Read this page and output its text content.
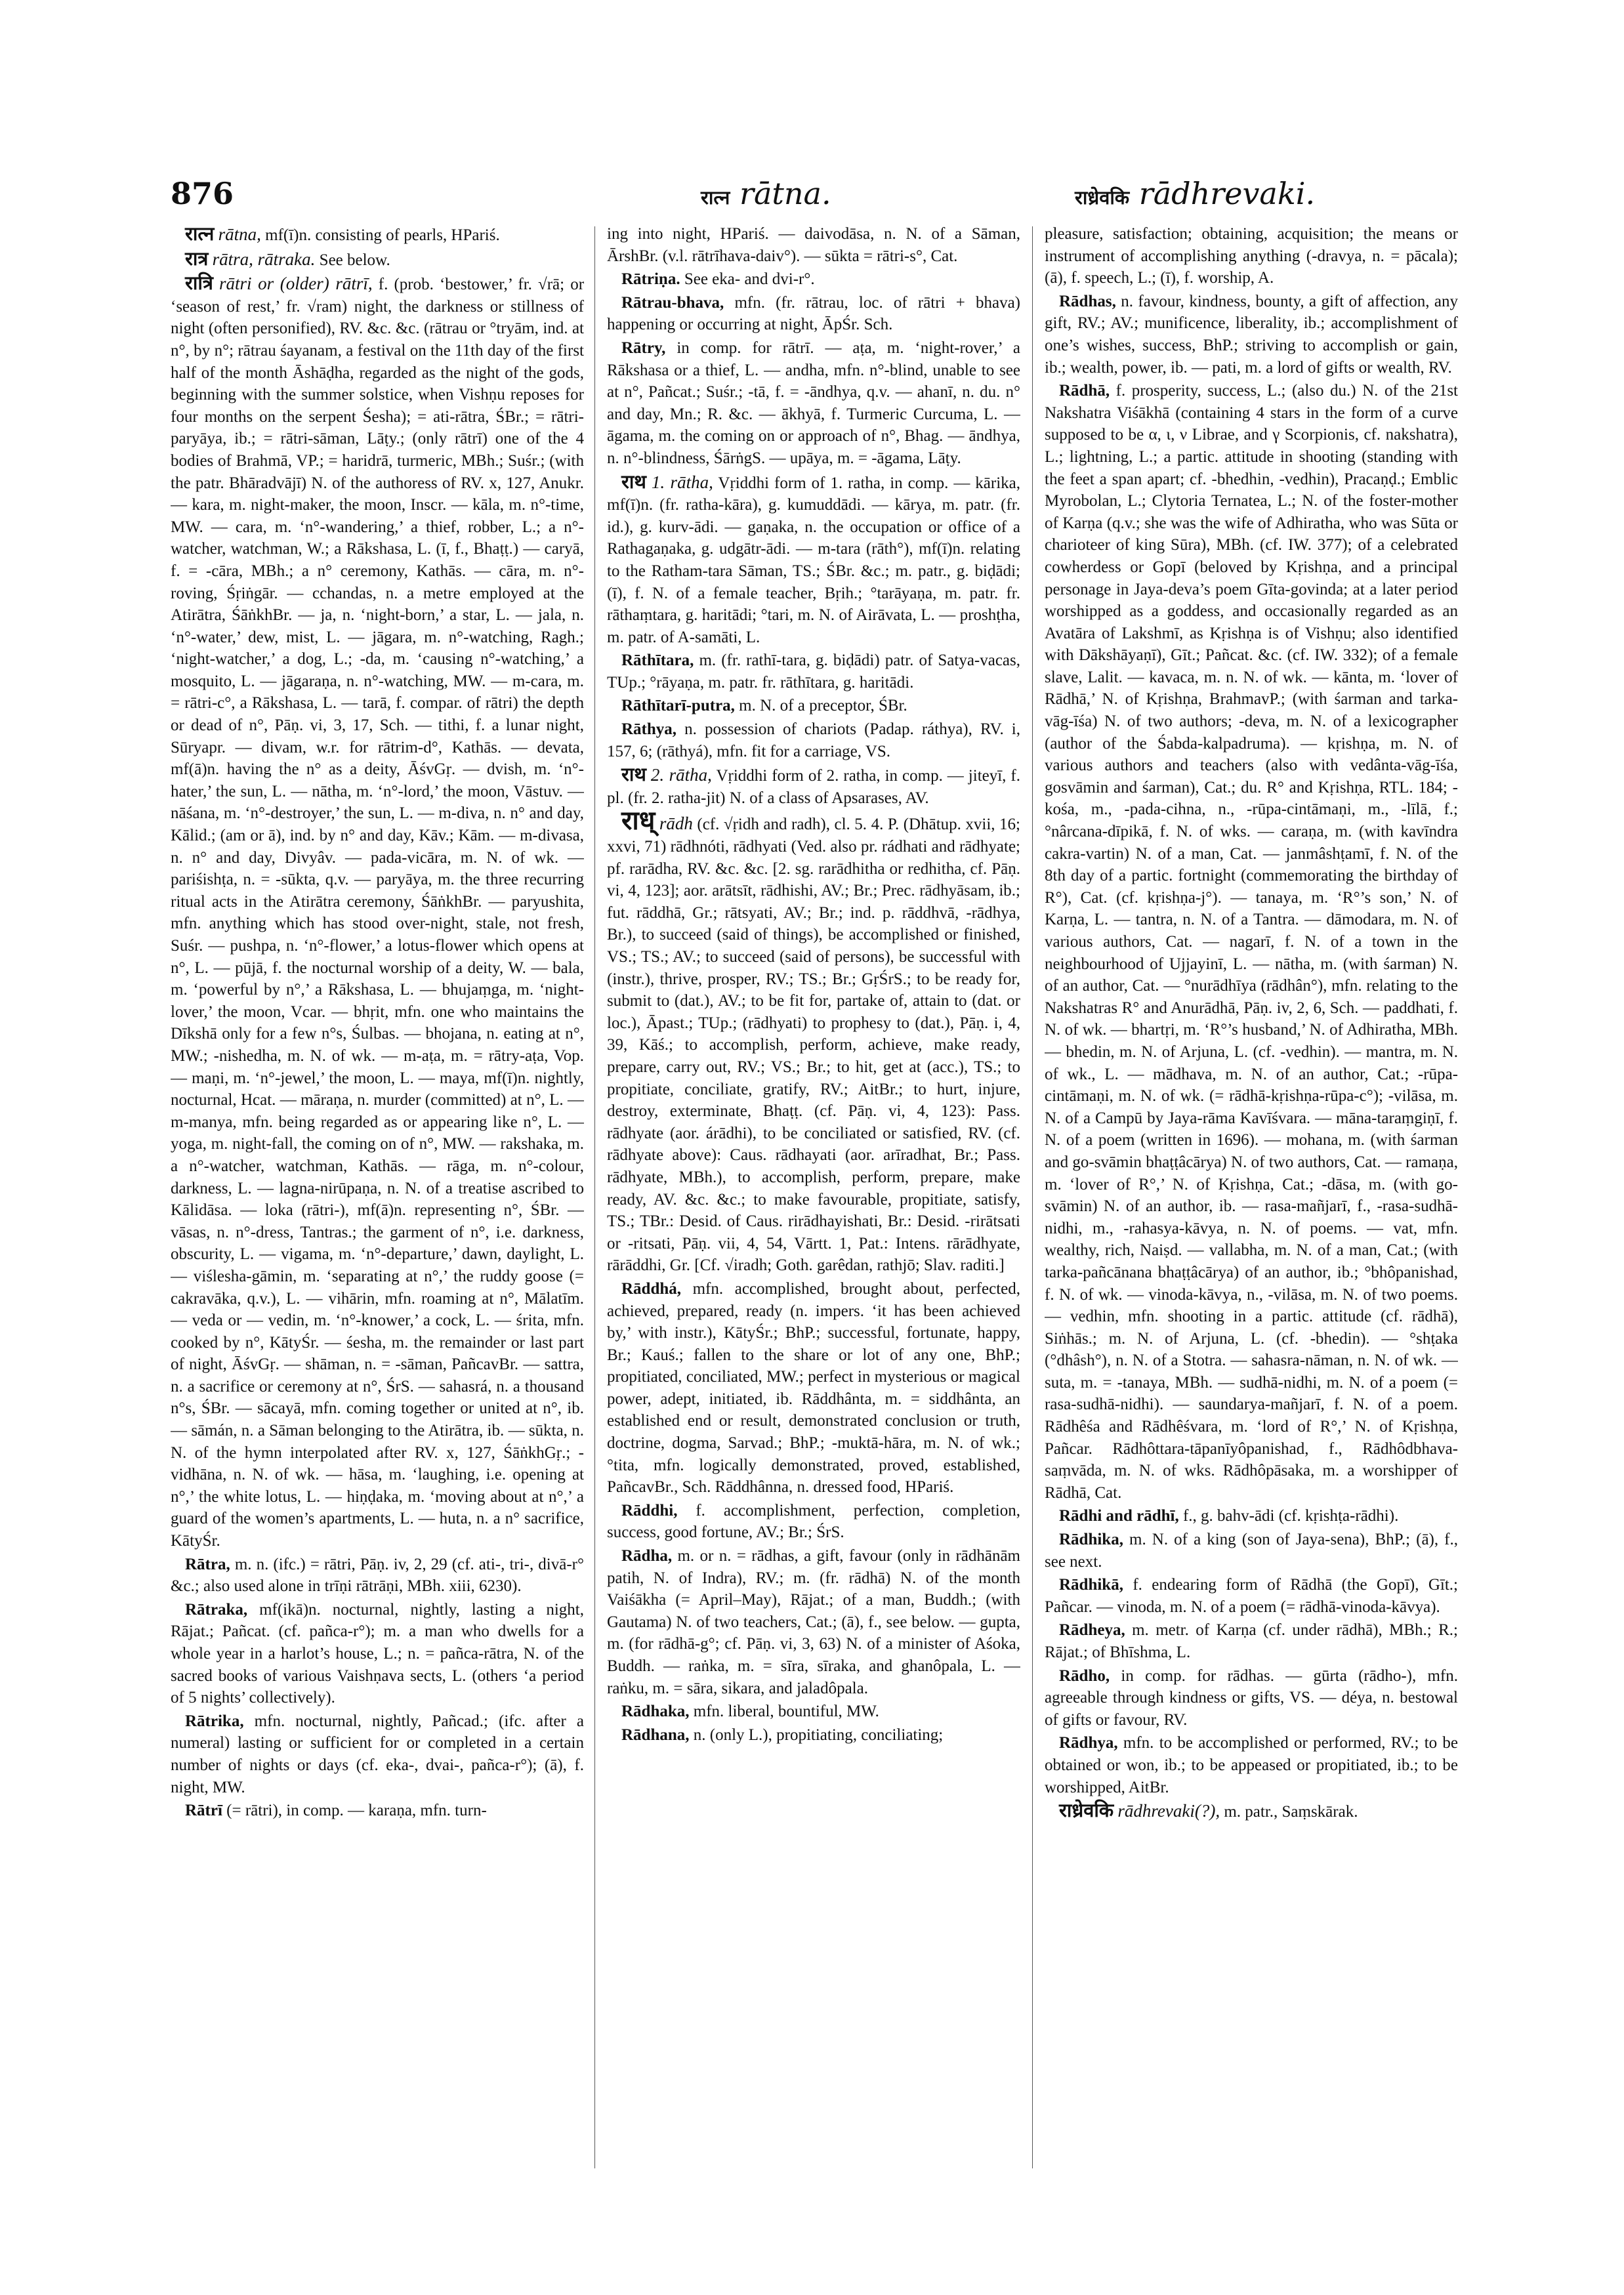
876	रात्न rātna.	राध्रेवकि rādhrevaki.

रात्न rātna, mf(ī)n. consisting of pearls, HPariś.

रात्र rātra, rātraka. See below.

रात्रि rātri or (older) rātrī, f. (prob. ‘bestower,’ fr. √rā; or ‘season of rest,’ fr. √ram) night, the darkness or stillness of night (often personified), RV. &c. &c. (rātrau or °tryām, ind. at n°, by n°; rātrau śayanam, a festival on the 11th day of the first half of the month Āshāḍha, regarded as the night of the gods, beginning with the summer solstice, when Vishṇu reposes for four months on the serpent Śesha); = ati-rātra, ŚBr.; = rātri-paryāya, ib.; = rātri-sāman, Lāṭy.; (only rātrī) one of the 4 bodies of Brahmā, VP.; = haridrā, turmeric, MBh.; Suśr.; (with the patr. Bhāradvājī) N. of the authoress of RV. x, 127, Anukr. — kara, m. night-maker, the moon, Inscr. — kāla, m. n°-time, MW. — cara, m. ‘n°-wandering,’ a thief, robber, L.; a n°-watcher, watchman, W.; a Rākshasa, L. (ī, f., Bhaṭṭ.) — caryā, f. = -cāra, MBh.; a n° ceremony, Kathās. — cāra, m. n°-roving, Śṛiṅgār. — cchandas, n. a metre employed at the Atirātra, ŚāṅkhBr. — ja, n. ‘night-born,’ a star, L. — jala, n. ‘n°-water,’ dew, mist, L. — jāgara, m. n°-watching, Ragh.; ‘night-watcher,’ a dog, L.; -da, m. ‘causing n°-watching,’ a mosquito, L. — jāgaraṇa, n. n°-watching, MW. — m-cara, m. = rātri-c°, a Rākshasa, L. — tarā, f. compar. of rātri) the depth or dead of n°, Pāṇ. vi, 3, 17, Sch. — tithi, f. a lunar night, Sūryapr. — divam, w.r. for rātrim-d°, Kathās. — devata, mf(ā)n. having the n° as a deity, ĀśvGṛ. — dvish, m. ‘n°-hater,’ the sun, L. — nātha, m. ‘n°-lord,’ the moon, Vāstuv. — nāśana, m. ‘n°-destroyer,’ the sun, L. — m-diva, n. n° and day, Kālid.; (am or ā), ind. by n° and day, Kāv.; Kām. — m-divasa, n. n° and day, Divyâv. — pada-vicāra, m. N. of wk. — pariśishṭa, n. = -sūkta, q.v. — paryāya, m. the three recurring ritual acts in the Atirātra ceremony, ŚāṅkhBr. — paryushita, mfn. anything which has stood over-night, stale, not fresh, Suśr. — pushpa, n. ‘n°-flower,’ a lotus-flower which opens at n°, L. — pūjā, f. the nocturnal worship of a deity, W. — bala, m. ‘powerful by n°,’ a Rākshasa, L. — bhujaṃga, m. ‘night-lover,’ the moon, Vcar. — bhṛit, mfn. one who maintains the Dīkshā only for a few n°s, Śulbas. — bhojana, n. eating at n°, MW.; -nishedha, m. N. of wk. — m-aṭa, m. = rātry-aṭa, Vop. — maṇi, m. ‘n°-jewel,’ the moon, L. — maya, mf(ī)n. nightly, nocturnal, Hcat. — māraṇa, n. murder (committed) at n°, L. — m-manya, mfn. being regarded as or appearing like n°, L. — yoga, m. night-fall, the coming on of n°, MW. — rakshaka, m. a n°-watcher, watchman, Kathās. — rāga, m. n°-colour, darkness, L. — lagna-nirūpaṇa, n. N. of a treatise ascribed to Kālidāsa. — loka (rātri-), mf(ā)n. representing n°, ŚBr. — vāsas, n. n°-dress, Tantras.; the garment of n°, i.e. darkness, obscurity, L. — vigama, m. ‘n°-departure,’ dawn, daylight, L. — viślesha-gāmin, m. ‘separating at n°,’ the ruddy goose (= cakravāka, q.v.), L. — vihārin, mfn. roaming at n°, Mālatīm. — veda or — vedin, m. ‘n°-knower,’ a cock, L. — śrita, mfn. cooked by n°, KātyŚr. — śesha, m. the remainder or last part of night, ĀśvGṛ. — shāman, n. = -sāman, PañcavBr. — sattra, n. a sacrifice or ceremony at n°, ŚrS. — sahasrá, n. a thousand n°s, ŚBr. — sācayā, mfn. coming together or united at n°, ib. — sāmán, n. a Sāman belonging to the Atirātra, ib. — sūkta, n. N. of the hymn interpolated after RV. x, 127, ŚāṅkhGṛ.; -vidhāna, n. N. of wk. — hāsa, m. ‘laughing, i.e. opening at n°,’ the white lotus, L. — hiṇḍaka, m. ‘moving about at n°,’ a guard of the women’s apartments, L. — huta, n. a n° sacrifice, KātyŚr.

Rātra, m. n. (ifc.) = rātri, Pāṇ. iv, 2, 29 (cf. ati-, tri-, divā-r° &c.; also used alone in trīṇi rātrāṇi, MBh. xiii, 6230).

Rātraka, mf(ikā)n. nocturnal, nightly, lasting a night, Rājat.; Pañcat. (cf. pañca-r°); m. a man who dwells for a whole year in a harlot’s house, L.; n. = pañca-rātra, N. of the sacred books of various Vaishṇava sects, L. (others ‘a period of 5 nights’ collectively).

Rātrika, mfn. nocturnal, nightly, Pañcad.; (ifc. after a numeral) lasting or sufficient for or completed in a certain number of nights or days (cf. eka-, dvai-, pañca-r°); (ā), f. night, MW.

Rātrī (= rātri), in comp. — karaṇa, mfn. turn-

ing into night, HPariś. — daivodāsa, n. N. of a Sāman, ĀrshBr. (v.l. rātrīhava-daiv°). — sūkta = rātri-s°, Cat.

Rātriṇa. See eka- and dvi-r°.

Rātrau-bhava, mfn. (fr. rātrau, loc. of rātri + bhava) happening or occurring at night, ĀpŚr. Sch.

Rātry, in comp. for rātrī. — aṭa, m. ‘night-rover,’ a Rākshasa or a thief, L. — andha, mfn. n°-blind, unable to see at n°, Pañcat.; Suśr.; -tā, f. = -āndhya, q.v. — ahanī, n. du. n° and day, Mn.; R. &c. — ākhyā, f. Turmeric Curcuma, L. — āgama, m. the coming on or approach of n°, Bhag. — āndhya, n. n°-blindness, ŚārṅgS. — upāya, m. = -āgama, Lāṭy.

राथ 1. rātha, Vṛiddhi form of 1. ratha, in comp. — kārika, mf(ī)n. (fr. ratha-kāra), g. kumuddādi. — kārya, m. patr. (fr. id.), g. kurv-ādi. — gaṇaka, n. the occupation or office of a Rathagaṇaka, g. udgātr-ādi. — m-tara (rāth°), mf(ī)n. relating to the Ratham-tara Sāman, TS.; ŚBr. &c.; m. patr., g. biḍādi; (ī), f. N. of a female teacher, Bṛih.; °tarāyaṇa, m. patr. fr. rāthaṃtara, g. haritādi; °tari, m. N. of Airāvata, L. — proshṭha, m. patr. of A-samāti, L.

Rāthītara, m. (fr. rathī-tara, g. biḍādi) patr. of Satya-vacas, TUp.; °rāyaṇa, m. patr. fr. rāthītara, g. haritādi.

Rāthītarī-putra, m. N. of a preceptor, ŚBr.

Rāthya, n. possession of chariots (Padap. ráthya), RV. i, 157, 6; (rāthyá), mfn. fit for a carriage, VS.

राथ 2. rātha, Vṛiddhi form of 2. ratha, in comp. — jiteyī, f. pl. (fr. 2. ratha-jit) N. of a class of Apsarases, AV.

राध् rādh (cf. √ṛidh and radh), cl. 5. 4. P. (Dhātup. xvii, 16; xxvi, 71) rādhnóti, rādhyati (Ved. also pr. rádhati and rādhyate; pf. rarādha, RV. &c. &c. [2. sg. rarādhitha or redhitha, cf. Pāṇ. vi, 4, 123]; aor. arātsīt, rādhishi, AV.; Br.; Prec. rādhyāsam, ib.; fut. rāddhā, Gr.; rātsyati, AV.; Br.; ind. p. rāddhvā, -rādhya, Br.), to succeed (said of things), be accomplished or finished, VS.; TS.; AV.; to succeed (said of persons), be successful with (instr.), thrive, prosper, RV.; TS.; Br.; GṛŚrS.; to be ready for, submit to (dat.), AV.; to be fit for, partake of, attain to (dat. or loc.), Āpast.; TUp.; (rādhyati) to prophesy to (dat.), Pāṇ. i, 4, 39, Kāś.; to accomplish, perform, achieve, make ready, prepare, carry out, RV.; VS.; Br.; to hit, get at (acc.), TS.; to propitiate, conciliate, gratify, RV.; AitBr.; to hurt, injure, destroy, exterminate, Bhaṭṭ. (cf. Pāṇ. vi, 4, 123): Pass. rādhyate (aor. árādhi), to be conciliated or satisfied, RV. (cf. rādhyate above): Caus. rādhayati (aor. arīradhat, Br.; Pass. rādhyate, MBh.), to accomplish, perform, prepare, make ready, AV. &c. &c.; to make favourable, propitiate, satisfy, TS.; TBr.: Desid. of Caus. rirādhayishati, Br.: Desid. -rirātsati or -ritsati, Pāṇ. vii, 4, 54, Vārtt. 1, Pat.: Intens. rārādhyate, rārāddhi, Gr. [Cf. √iradh; Goth. garêdan, rathjō; Slav. raditi.]

Rāddhá, mfn. accomplished, brought about, perfected, achieved, prepared, ready (n. impers. ‘it has been achieved by,’ with instr.), KātyŚr.; BhP.; successful, fortunate, happy, Br.; Kauś.; fallen to the share or lot of any one, BhP.; propitiated, conciliated, MW.; perfect in mysterious or magical power, adept, initiated, ib. Rāddhânta, m. = siddhânta, an established end or result, demonstrated conclusion or truth, doctrine, dogma, Sarvad.; BhP.; -muktā-hāra, m. N. of wk.; °tita, mfn. logically demonstrated, proved, established, PañcavBr., Sch. Rāddhânna, n. dressed food, HPariś.

Rāddhi, f. accomplishment, perfection, completion, success, good fortune, AV.; Br.; ŚrS.

Rādha, m. or n. = rādhas, a gift, favour (only in rādhānām patih, N. of Indra), RV.; m. (fr. rādhā) N. of the month Vaiśākha (= April–May), Rājat.; of a man, Buddh.; (with Gautama) N. of two teachers, Cat.; (ā), f., see below. — gupta, m. (for rādhā-g°; cf. Pāṇ. vi, 3, 63) N. of a minister of Aśoka, Buddh. — raṅka, m. = sīra, sīraka, and ghanôpala, L. — raṅku, m. = sāra, sikara, and jaladôpala.

Rādhaka, mfn. liberal, bountiful, MW.

Rādhana, n. (only L.), propitiating, conciliating;

pleasure, satisfaction; obtaining, acquisition; the means or instrument of accomplishing anything (-dravya, n. = pācala); (ā), f. speech, L.; (ī), f. worship, A.

Rādhas, n. favour, kindness, bounty, a gift of affection, any gift, RV.; AV.; munificence, liberality, ib.; accomplishment of one’s wishes, success, BhP.; striving to accomplish or gain, ib.; wealth, power, ib. — pati, m. a lord of gifts or wealth, RV.

Rādhā, f. prosperity, success, L.; (also du.) N. of the 21st Nakshatra Viśākhā (containing 4 stars in the form of a curve supposed to be α, ι, ν Librae, and γ Scorpionis, cf. nakshatra), L.; lightning, L.; a partic. attitude in shooting (standing with the feet a span apart; cf. -bhedhin, -vedhin), Pracaṇḍ.; Emblic Myrobolan, L.; Clytoria Ternatea, L.; N. of the foster-mother of Karṇa (q.v.; she was the wife of Adhiratha, who was Sūta or charioteer of king Sūra), MBh. (cf. IW. 377); of a celebrated cowherdess or Gopī (beloved by Kṛishṇa, and a principal personage in Jaya-deva’s poem Gīta-govinda; at a later period worshipped as a goddess, and occasionally regarded as an Avatāra of Lakshmī, as Kṛishṇa is of Vishṇu; also identified with Dākshāyaṇī), Gīt.; Pañcat. &c. (cf. IW. 332); of a female slave, Lalit. — kavaca, m. n. N. of wk. — kānta, m. ‘lover of Rādhā,’ N. of Kṛishṇa, BrahmavP.; (with śarman and tarka-vāg-īśa) N. of two authors; -deva, m. N. of a lexicographer (author of the Śabda-kalpadruma). — kṛishṇa, m. N. of various authors and teachers (also with vedânta-vāg-īśa, gosvāmin and śarman), Cat.; du. R° and Kṛishṇa, RTL. 184; -kośa, m., -pada-cihna, n., -rūpa-cintāmaṇi, m., -līlā, f.; °nârcana-dīpikā, f. N. of wks. — caraṇa, m. (with kavīndra cakra-vartin) N. of a man, Cat. — janmâshṭamī, f. N. of the 8th day of a partic. fortnight (commemorating the birthday of R°), Cat. (cf. kṛishṇa-j°). — tanaya, m. ‘R°’s son,’ N. of Karṇa, L. — tantra, n. N. of a Tantra. — dāmodara, m. N. of various authors, Cat. — nagarī, f. N. of a town in the neighbourhood of Ujjayinī, L. — nātha, m. (with śarman) N. of an author, Cat. — °nurādhīya (rādhân°), mfn. relating to the Nakshatras R° and Anurādhā, Pāṇ. iv, 2, 6, Sch. — paddhati, f. N. of wk. — bhartṛi, m. ‘R°’s husband,’ N. of Adhiratha, MBh. — bhedin, m. N. of Arjuna, L. (cf. -vedhin). — mantra, m. N. of wk., L. — mādhava, m. N. of an author, Cat.; -rūpa-cintāmaṇi, m. N. of wk. (= rādhā-kṛishṇa-rūpa-c°); -vilāsa, m. N. of a Campū by Jaya-rāma Kavīśvara. — māna-taraṃgiṇī, f. N. of a poem (written in 1696). — mohana, m. (with śarman and go-svāmin bhaṭṭâcārya) N. of two authors, Cat. — ramaṇa, m. ‘lover of R°,’ N. of Kṛishṇa, Cat.; -dāsa, m. (with go-svāmin) N. of an author, ib. — rasa-mañjarī, f., -rasa-sudhā-nidhi, m., -rahasya-kāvya, n. N. of poems. — vat, mfn. wealthy, rich, Naiṣd. — vallabha, m. N. of a man, Cat.; (with tarka-pañcānana bhaṭṭâcārya) of an author, ib.; °bhôpanishad, f. N. of wk. — vinoda-kāvya, n., -vilāsa, m. N. of two poems. — vedhin, mfn. shooting in a partic. attitude (cf. rādhā), Siṅhās.; m. N. of Arjuna, L. (cf. -bhedin). — °shṭaka (°dhâsh°), n. N. of a Stotra. — sahasra-nāman, n. N. of wk. — suta, m. = -tanaya, MBh. — sudhā-nidhi, m. N. of a poem (= rasa-sudhā-nidhi). — saundarya-mañjarī, f. N. of a poem. Rādhêśa and Rādhêśvara, m. ‘lord of R°,’ N. of Kṛishṇa, Pañcar. Rādhôttara-tāpanīyôpanishad, f., Rādhôdbhava-saṃvāda, m. N. of wks. Rādhôpāsaka, m. a worshipper of Rādhā, Cat.

Rādhi and rādhī, f., g. bahv-ādi (cf. kṛishṭa-rādhi).

Rādhika, m. N. of a king (son of Jaya-sena), BhP.; (ā), f., see next.

Rādhikā, f. endearing form of Rādhā (the Gopī), Gīt.; Pañcar. — vinoda, m. N. of a poem (= rādhā-vinoda-kāvya).

Rādheya, m. metr. of Karṇa (cf. under rādhā), MBh.; R.; Rājat.; of Bhīshma, L.

Rādho, in comp. for rādhas. — gūrta (rādho-), mfn. agreeable through kindness or gifts, VS. — déya, n. bestowal of gifts or favour, RV.

Rādhya, mfn. to be accomplished or performed, RV.; to be obtained or won, ib.; to be appeased or propitiated, ib.; to be worshipped, AitBr.

राध्रेवकि rādhrevaki(?), m. patr., Saṃskārak.
